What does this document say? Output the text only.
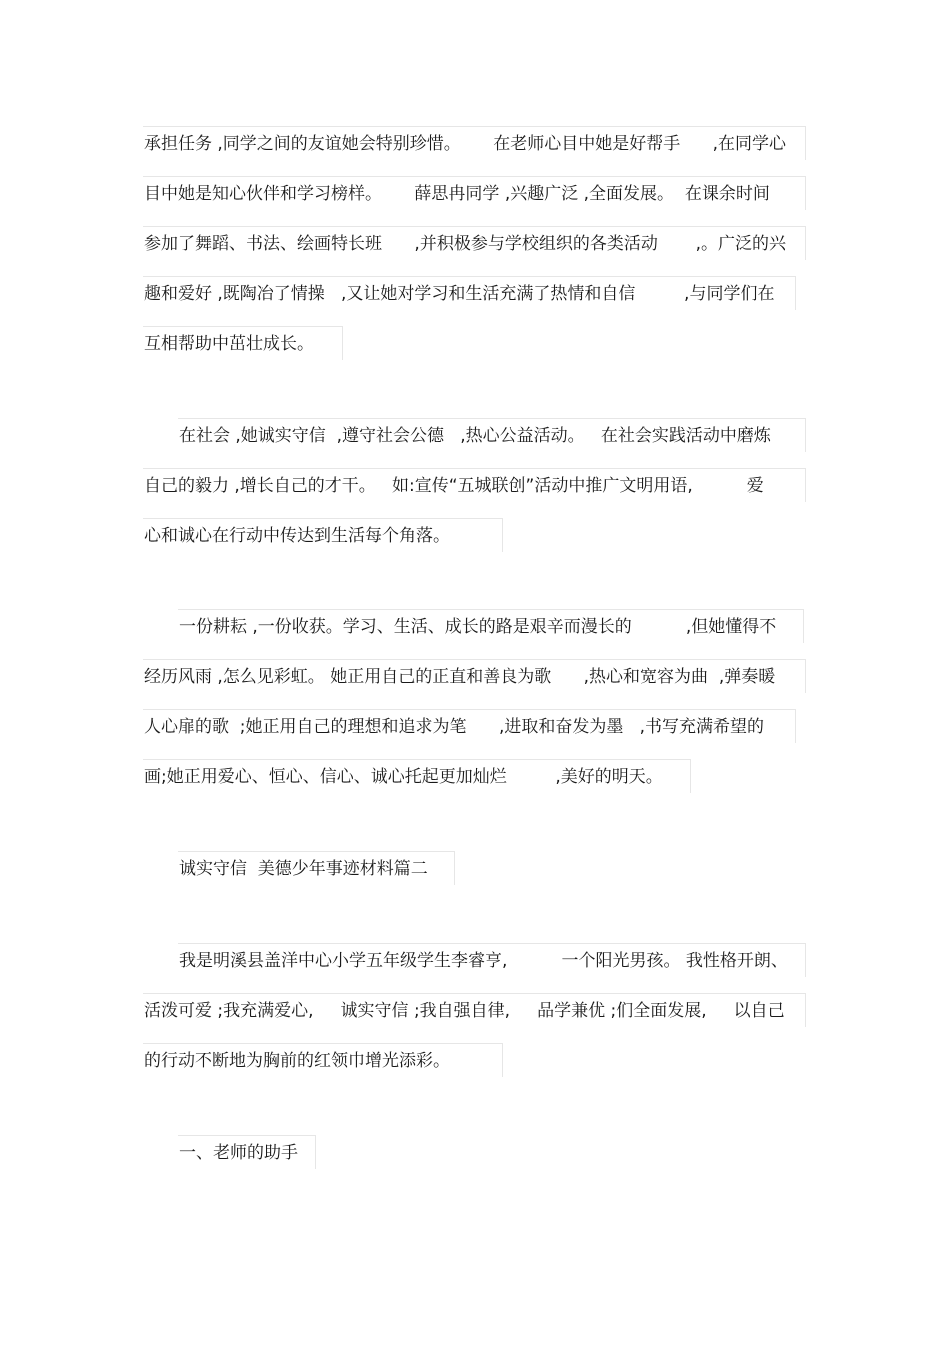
承担任务 ,同学之间的友谊她会特别珍惜。      在老师心目中她是好帮手      ,在同学心
目中她是知心伙伴和学习榜样。      薛思冉同学 ,兴趣广泛 ,全面发展。  在课余时间
参加了舞蹈、书法、绘画特长班      ,并积极参与学校组织的各类活动       ,。广泛的兴
趣和爱好 ,既陶冶了情操   ,又让她对学习和生活充满了热情和自信         ,与同学们在
互相帮助中茁壮成长。
在社会 ,她诚实守信  ,遵守社会公德   ,热心公益活动。   在社会实践活动中磨炼
自己的毅力 ,增长自己的才干。   如:宣传“五城联创”活动中推广文明用语,          爱
心和诚心在行动中传达到生活每个角落。
一份耕耘 ,一份收获。学习、生活、成长的路是艰辛而漫长的          ,但她懂得不
经历风雨 ,怎么见彩虹。 她正用自己的正直和善良为歌      ,热心和宽容为曲  ,弹奏暖
人心扉的歌  ;她正用自己的理想和追求为笔      ,进取和奋发为墨   ,书写充满希望的
画;她正用爱心、恒心、信心、诚心托起更加灿烂         ,美好的明天。
诚实守信  美德少年事迹材料篇二
我是明溪县盖洋中心小学五年级学生李睿亨,          一个阳光男孩。 我性格开朗、
活泼可爱 ;我充满爱心,     诚实守信 ;我自强自律,     品学兼优 ;们全面发展,     以自己
的行动不断地为胸前的红领巾增光添彩。
一、老师的助手
